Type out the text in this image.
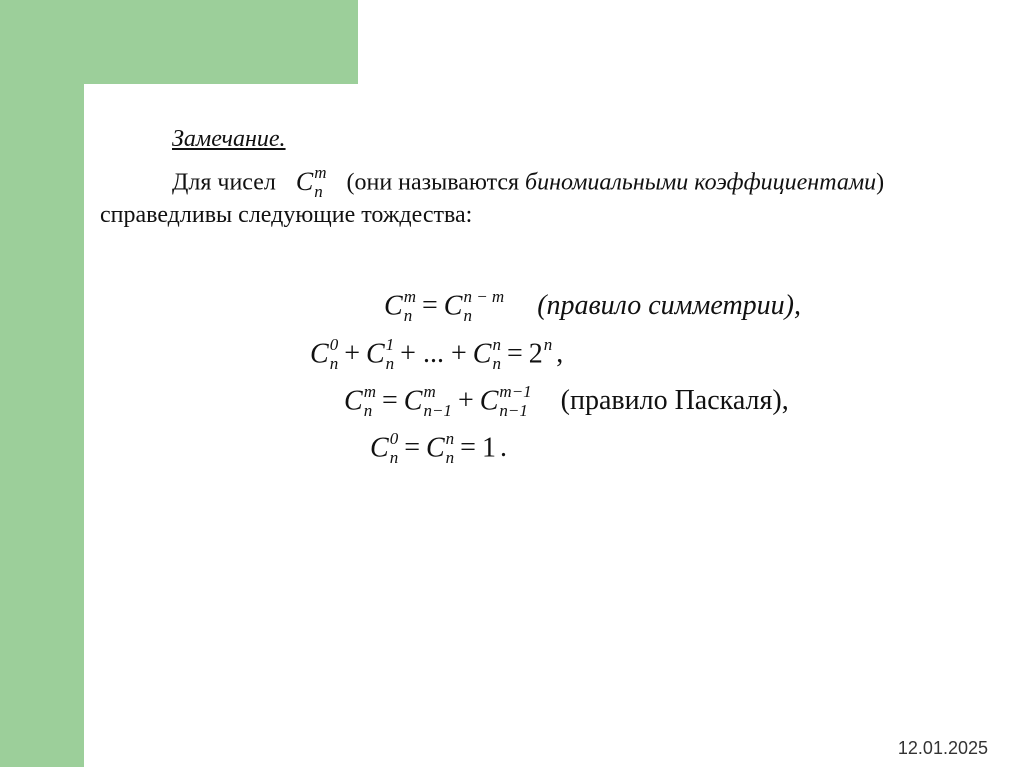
Замечание.
Для чисел C m
n (они называются биномиальными коэффициентами)
справедливы следующие тождества:
C m
n = C n − m
n	(правило симметрии),
C 0
n + C 1
n + ... + C n
n = 2 n ,
C m
n = C m
n−1 + C m−1
n−1 (правило Паскаля),
C 0
n = C n
n = 1 .
12.01.2025
